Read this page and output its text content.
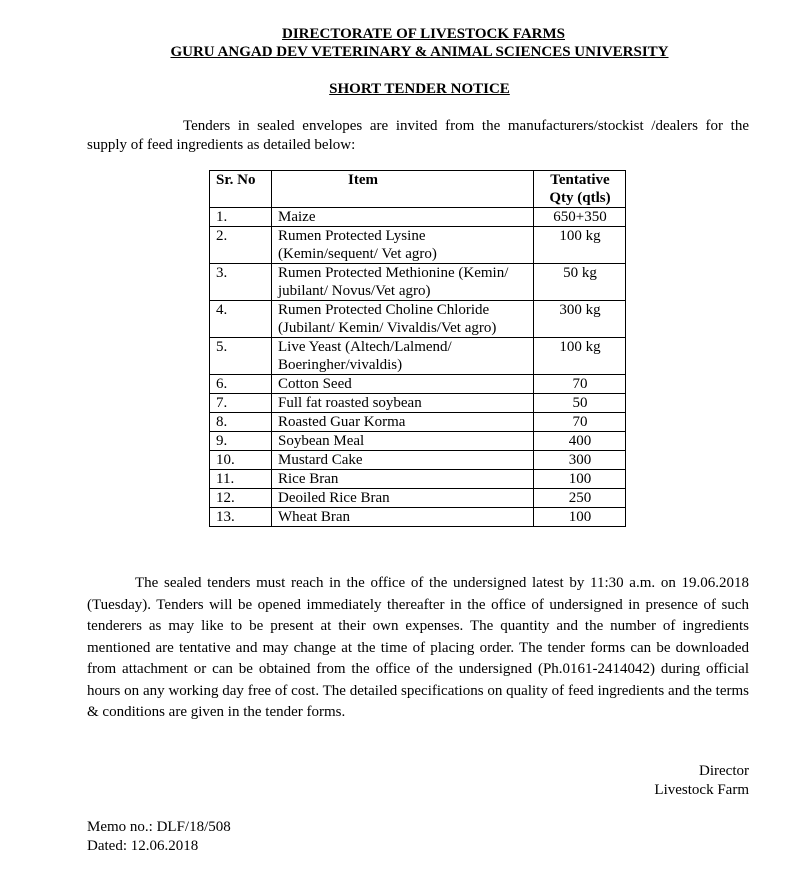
DIRECTORATE OF LIVESTOCK FARMS
GURU ANGAD DEV VETERINARY & ANIMAL SCIENCES UNIVERSITY
SHORT TENDER NOTICE
Tenders in sealed envelopes are invited from the manufacturers/stockist /dealers for the supply of feed ingredients as detailed below:
Sr. No	Item	Tentative Qty (qtls)
1.	Maize	650+350
2.	Rumen Protected Lysine (Kemin/sequent/ Vet agro)	100 kg
3.	Rumen Protected Methionine (Kemin/ jubilant/ Novus/Vet agro)	50 kg
4.	Rumen Protected Choline Chloride (Jubilant/ Kemin/ Vivaldis/Vet agro)	300 kg
5.	Live Yeast (Altech/Lalmend/ Boeringher/vivaldis)	100 kg
6.	Cotton Seed	70
7.	Full fat roasted soybean	50
8.	Roasted Guar Korma	70
9.	Soybean Meal	400
10.	Mustard Cake	300
11.	Rice Bran	100
12.	Deoiled Rice Bran	250
13.	Wheat Bran	100
The sealed tenders must reach in the office of the undersigned latest by 11:30 a.m. on 19.06.2018 (Tuesday). Tenders will be opened immediately thereafter in the office of undersigned in presence of such tenderers as may like to be present at their own expenses. The quantity and the number of ingredients mentioned are tentative and may change at the time of placing order. The tender forms can be downloaded from attachment or can be obtained from the office of the undersigned (Ph.0161-2414042) during official hours on any working day free of cost. The detailed specifications on quality of feed ingredients and the terms & conditions are given in the tender forms.
Director
Livestock Farm
Memo no.: DLF/18/508
Dated: 12.06.2018
